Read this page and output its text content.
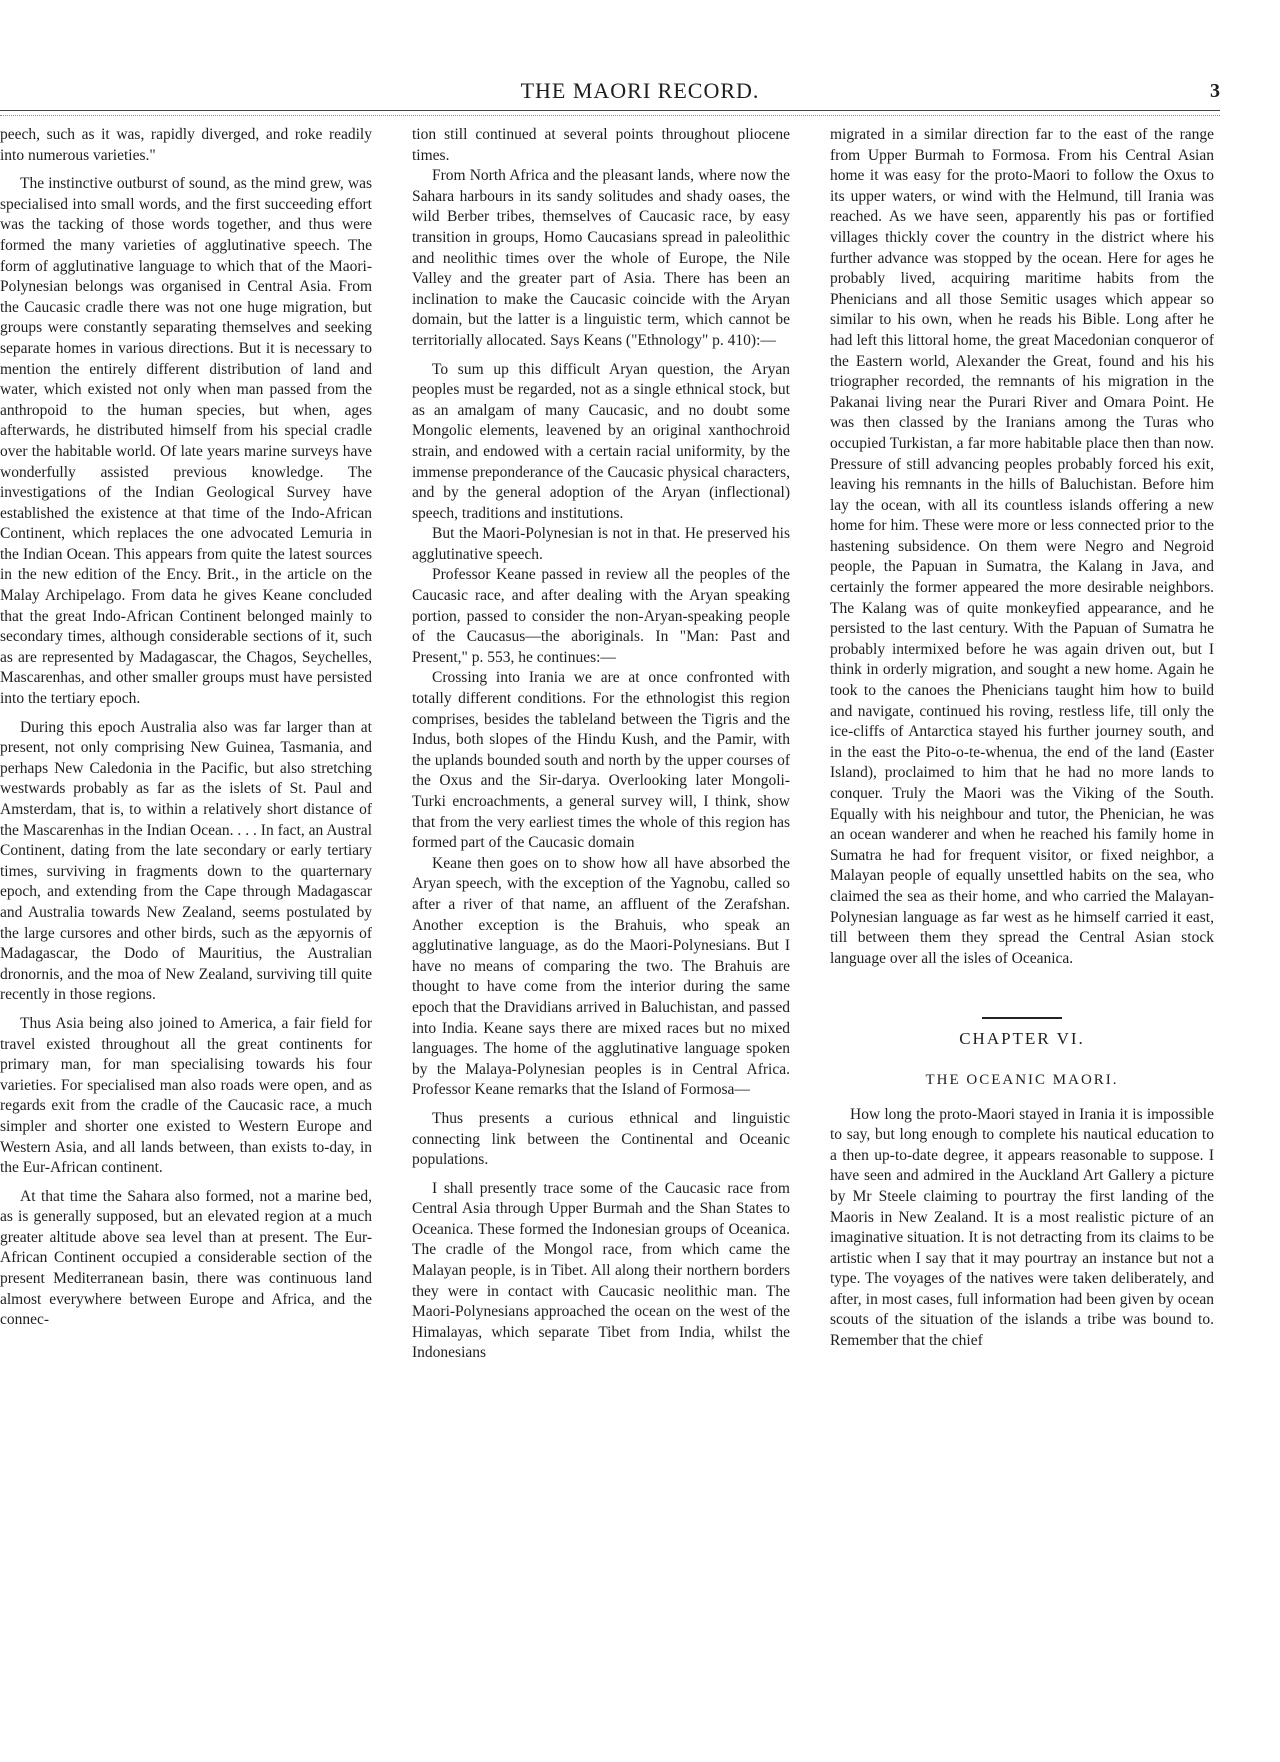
THE MAORI RECORD.	3

peech, such as it was, rapidly diverged, and roke readily into numerous varieties."

The instinctive outburst of sound, as the mind grew, was specialised into small words, and the first succeeding effort was the tacking of those words together, and thus were formed the many varieties of agglutinative speech. The form of agglutinative language to which that of the Maori-Polynesian belongs was organised in Central Asia. From the Caucasic cradle there was not one huge migration, but groups were constantly separating themselves and seeking separate homes in various directions. But it is necessary to mention the entirely different distribution of land and water, which existed not only when man passed from the anthropoid to the human species, but when, ages afterwards, he distributed himself from his special cradle over the habitable world. Of late years marine surveys have wonderfully assisted previous knowledge. The investigations of the Indian Geological Survey have established the existence at that time of the Indo-African Continent, which replaces the one advocated Lemuria in the Indian Ocean. This appears from quite the latest sources in the new edition of the Ency. Brit., in the article on the Malay Archipelago. From data he gives Keane concluded that the great Indo-African Continent belonged mainly to secondary times, although considerable sections of it, such as are represented by Madagascar, the Chagos, Seychelles, Mascarenhas, and other smaller groups must have persisted into the tertiary epoch.

During this epoch Australia also was far larger than at present, not only comprising New Guinea, Tasmania, and perhaps New Caledonia in the Pacific, but also stretching westwards probably as far as the islets of St. Paul and Amsterdam, that is, to within a relatively short distance of the Mascarenhas in the Indian Ocean. . . . In fact, an Austral Continent, dating from the late secondary or early tertiary times, surviving in fragments down to the quarternary epoch, and extending from the Cape through Madagascar and Australia towards New Zealand, seems postulated by the large cursores and other birds, such as the æpyornis of Madagascar, the Dodo of Mauritius, the Australian dronornis, and the moa of New Zealand, surviving till quite recently in those regions.

Thus Asia being also joined to America, a fair field for travel existed throughout all the great continents for primary man, for man specialising towards his four varieties. For specialised man also roads were open, and as regards exit from the cradle of the Caucasic race, a much simpler and shorter one existed to Western Europe and Western Asia, and all lands between, than exists to-day, in the Eur-African continent.

At that time the Sahara also formed, not a marine bed, as is generally supposed, but an elevated region at a much greater altitude above sea level than at present. The Eur-African Continent occupied a considerable section of the present Mediterranean basin, there was continuous land almost everywhere between Europe and Africa, and the connec-

tion still continued at several points throughout pliocene times.

From North Africa and the pleasant lands, where now the Sahara harbours in its sandy solitudes and shady oases, the wild Berber tribes, themselves of Caucasic race, by easy transition in groups, Homo Caucasians spread in paleolithic and neolithic times over the whole of Europe, the Nile Valley and the greater part of Asia. There has been an inclination to make the Caucasic coincide with the Aryan domain, but the latter is a linguistic term, which cannot be territorially allocated. Says Keans ("Ethnology" p. 410):—

To sum up this difficult Aryan question, the Aryan peoples must be regarded, not as a single ethnical stock, but as an amalgam of many Caucasic, and no doubt some Mongolic elements, leavened by an original xanthochroid strain, and endowed with a certain racial uniformity, by the immense preponderance of the Caucasic physical characters, and by the general adoption of the Aryan (inflectional) speech, traditions and institutions.

But the Maori-Polynesian is not in that. He preserved his agglutinative speech.

Professor Keane passed in review all the peoples of the Caucasic race, and after dealing with the Aryan speaking portion, passed to consider the non-Aryan-speaking people of the Caucasus—the aboriginals. In "Man: Past and Present," p. 553, he continues:—

Crossing into Irania we are at once confronted with totally different conditions. For the ethnologist this region comprises, besides the tableland between the Tigris and the Indus, both slopes of the Hindu Kush, and the Pamir, with the uplands bounded south and north by the upper courses of the Oxus and the Sir-darya. Overlooking later Mongoli-Turki encroachments, a general survey will, I think, show that from the very earliest times the whole of this region has formed part of the Caucasic domain

Keane then goes on to show how all have absorbed the Aryan speech, with the exception of the Yagnobu, called so after a river of that name, an affluent of the Zerafshan. Another exception is the Brahuis, who speak an agglutinative language, as do the Maori-Polynesians. But I have no means of comparing the two. The Brahuis are thought to have come from the interior during the same epoch that the Dravidians arrived in Baluchistan, and passed into India. Keane says there are mixed races but no mixed languages. The home of the agglutinative language spoken by the Malaya-Polynesian peoples is in Central Africa. Professor Keane remarks that the Island of Formosa—

Thus presents a curious ethnical and linguistic connecting link between the Continental and Oceanic populations.

I shall presently trace some of the Caucasic race from Central Asia through Upper Burmah and the Shan States to Oceanica. These formed the Indonesian groups of Oceanica. The cradle of the Mongol race, from which came the Malayan people, is in Tibet. All along their northern borders they were in contact with Caucasic neolithic man. The Maori-Polynesians approached the ocean on the west of the Himalayas, which separate Tibet from India, whilst the Indonesians

migrated in a similar direction far to the east of the range from Upper Burmah to Formosa. From his Central Asian home it was easy for the proto-Maori to follow the Oxus to its upper waters, or wind with the Helmund, till Irania was reached. As we have seen, apparently his pas or fortified villages thickly cover the country in the district where his further advance was stopped by the ocean. Here for ages he probably lived, acquiring maritime habits from the Phenicians and all those Semitic usages which appear so similar to his own, when he reads his Bible. Long after he had left this littoral home, the great Macedonian conqueror of the Eastern world, Alexander the Great, found and his his triographer recorded, the remnants of his migration in the Pakanai living near the Purari River and Omara Point. He was then classed by the Iranians among the Turas who occupied Turkistan, a far more habitable place then than now. Pressure of still advancing peoples probably forced his exit, leaving his remnants in the hills of Baluchistan. Before him lay the ocean, with all its countless islands offering a new home for him. These were more or less connected prior to the hastening subsidence. On them were Negro and Negroid people, the Papuan in Sumatra, the Kalang in Java, and certainly the former appeared the more desirable neighbors. The Kalang was of quite monkeyfied appearance, and he persisted to the last century. With the Papuan of Sumatra he probably intermixed before he was again driven out, but I think in orderly migration, and sought a new home. Again he took to the canoes the Phenicians taught him how to build and navigate, continued his roving, restless life, till only the ice-cliffs of Antarctica stayed his further journey south, and in the east the Pito-o-te-whenua, the end of the land (Easter Island), proclaimed to him that he had no more lands to conquer. Truly the Maori was the Viking of the South. Equally with his neighbour and tutor, the Phenician, he was an ocean wanderer and when he reached his family home in Sumatra he had for frequent visitor, or fixed neighbor, a Malayan people of equally unsettled habits on the sea, who claimed the sea as their home, and who carried the Malayan-Polynesian language as far west as he himself carried it east, till between them they spread the Central Asian stock language over all the isles of Oceanica.

CHAPTER VI.
THE OCEANIC MAORI.

How long the proto-Maori stayed in Irania it is impossible to say, but long enough to complete his nautical education to a then up-to-date degree, it appears reasonable to suppose. I have seen and admired in the Auckland Art Gallery a picture by Mr Steele claiming to pourtray the first landing of the Maoris in New Zealand. It is a most realistic picture of an imaginative situation. It is not detracting from its claims to be artistic when I say that it may pourtray an instance but not a type. The voyages of the natives were taken deliberately, and after, in most cases, full information had been given by ocean scouts of the situation of the islands a tribe was bound to. Remember that the chief
